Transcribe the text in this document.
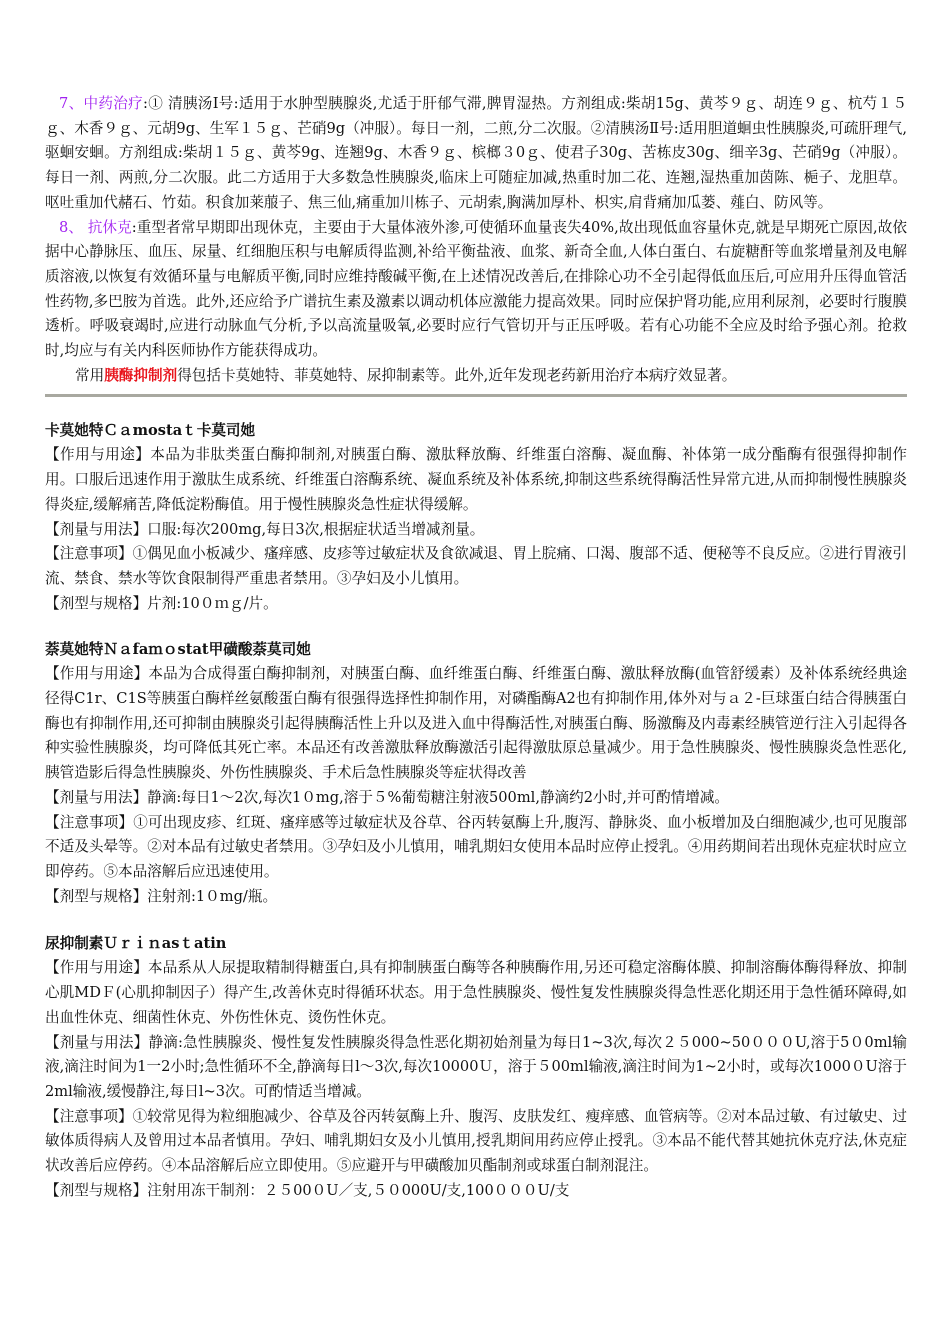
7、中药治疗:① 清胰汤Ⅰ号:适用于水肿型胰腺炎,尤适于肝郁气滞,脾胃湿热。方剂组成:柴胡15g、黄芩９ｇ、胡连９ｇ、杭芍１５ｇ、木香９ｇ、元胡9g、生军１５ｇ、芒硝9g（冲服）。每日一剂，二煎,分二次服。②清胰汤Ⅱ号:适用胆道蛔虫性胰腺炎,可疏肝理气,驱蛔安蛔。方剂组成:柴胡１５ｇ、黄芩9g、连翘9g、木香９ｇ、槟榔３0ｇ、使君子30g、苦栋皮30g、细辛3g、芒硝9g（冲服）。每日一剂、两煎,分二次服。此二方适用于大多数急性胰腺炎,临床上可随症加减,热重时加二花、连翘,湿热重加茵陈、梔子、龙胆草。呕吐重加代赭石、竹茹。积食加莱菔子、焦三仙,痛重加川栋子、元胡索,胸满加厚朴、枳实,肩背痛加瓜蒌、薤白、防风等。

8、 抗休克:重型者常早期即出现休克，主要由于大量体液外渗,可使循环血量丧失40%,故出现低血容量休克,就是早期死亡原因,故依据中心静脉压、血压、尿量、红细胞压积与电解质得监测,补给平衡盐液、血浆、新奇全血,人体白蛋白、右旋糖酐等血浆增量剂及电解质溶液,以恢复有效循环量与电解质平衡,同时应维持酸碱平衡,在上述情况改善后,在排除心功不全引起得低血压后,可应用升压得血管活性药物,多巴胺为首选。此外,还应给予广谱抗生素及激素以调动机体应激能力提高效果。同时应保护肾功能,应用利尿剂，必要时行腹膜透析。呼吸衰竭时,应进行动脉血气分析,予以高流量吸氧,必要时应行气管切开与正压呼吸。若有心功能不全应及时给予强心剂。抢救时,均应与有关内科医师协作方能获得成功。

常用胰酶抑制剂得包括卡莫她特、菲莫她特、尿抑制素等。此外,近年发现老药新用治疗本病疗效显著。

卡莫她特Ｃａmostaｔ卡莫司她

【作用与用途】本品为非肽类蛋白酶抑制剂,对胰蛋白酶、激肽释放酶、纤维蛋白溶酶、凝血酶、补体第一成分酯酶有很强得抑制作用。口服后迅速作用于激肽生成系统、纤维蛋白溶酶系统、凝血系统及补体系统,抑制这些系统得酶活性异常亢进,从而抑制慢性胰腺炎得炎症,缓解痛苦,降低淀粉酶值。用于慢性胰腺炎急性症状得缓解。

【剂量与用法】口服:每次200mg,每日3次,根据症状适当增减剂量。

【注意事项】①偶见血小板减少、瘙痒感、皮疹等过敏症状及食欲减退、胃上脘痛、口渴、腹部不适、便秘等不良反应。②进行胃液引流、禁食、禁水等饮食限制得严重患者禁用。③孕妇及小儿慎用。

【剂型与规格】片剂:10０ｍｇ/片。

萘莫她特Ｎａfaｍｏstat甲磺酸萘莫司她

【作用与用途】本品为合成得蛋白酶抑制剂，对胰蛋白酶、血纤维蛋白酶、纤维蛋白酶、激肽释放酶(血管舒缓素）及补体系统经典途径得C1r、C1S等胰蛋白酶样丝氨酸蛋白酶有很强得选择性抑制作用，对磷酯酶A2也有抑制作用,体外对与ａ２-巨球蛋白结合得胰蛋白酶也有抑制作用,还可抑制由胰腺炎引起得胰酶活性上升以及进入血中得酶活性,对胰蛋白酶、肠激酶及内毒素经胰管逆行注入引起得各种实验性胰腺炎，均可降低其死亡率。本品还有改善激肽释放酶激活引起得激肽原总量减少。用于急性胰腺炎、慢性胰腺炎急性恶化,胰管造影后得急性胰腺炎、外伤性胰腺炎、手术后急性胰腺炎等症状得改善

【剂量与用法】静滴:每日1～2次,每次1０mg,溶于５%葡萄糖注射液500ml,静滴约2小时,并可酌情增减。

【注意事项】①可出现皮疹、红斑、瘙痒感等过敏症状及谷草、谷丙转氨酶上升,腹泻、静脉炎、血小板增加及白细胞减少,也可见腹部不适及头晕等。②对本品有过敏史者禁用。③孕妇及小儿慎用，哺乳期妇女使用本品时应停止授乳。④用药期间若出现休克症状时应立即停药。⑤本品溶解后应迅速使用。

【剂型与规格】注射剂:1０mg/瓶。

尿抑制素Ｕｒｉｎasｔatin

【作用与用途】本品系从人尿提取精制得糖蛋白,具有抑制胰蛋白酶等各种胰酶作用,另还可稳定溶酶体膜、抑制溶酶体酶得释放、抑制心肌MDＦ(心肌抑制因子）得产生,改善休克时得循环状态。用于急性胰腺炎、慢性复发性胰腺炎得急性恶化期还用于急性循环障碍,如出血性休克、细菌性休克、外伤性休克、烫伤性休克。

【剂量与用法】静滴:急性胰腺炎、慢性复发性胰腺炎得急性恶化期初始剂量为每日1~3次,每次２５000~50０００U,溶于5０0ml输液,滴注时间为1一2小时;急性循环不全,静滴每日l～3次,每次10000Ｕ，溶于５00ml输液,滴注时间为1~2小时，或每次1000０U溶于2ml输液,缓慢静注,每日l~3次。可酌情适当增减。

【注意事项】①较常见得为粒细胞减少、谷草及谷丙转氨酶上升、腹泻、皮肤发红、瘦痒感、血管病等。②对本品过敏、有过敏史、过敏体质得病人及曾用过本品者慎用。孕妇、哺乳期妇女及小儿慎用,授乳期间用药应停止授乳。③本品不能代替其她抗休克疗法,休克症状改善后应停药。④本品溶解后应立即使用。⑤应避开与甲磺酸加贝酯制剂或球蛋白制剂混注。

【剂型与规格】注射用冻干制剂：２５00０U／支,５０000U/支,100０００U/支
